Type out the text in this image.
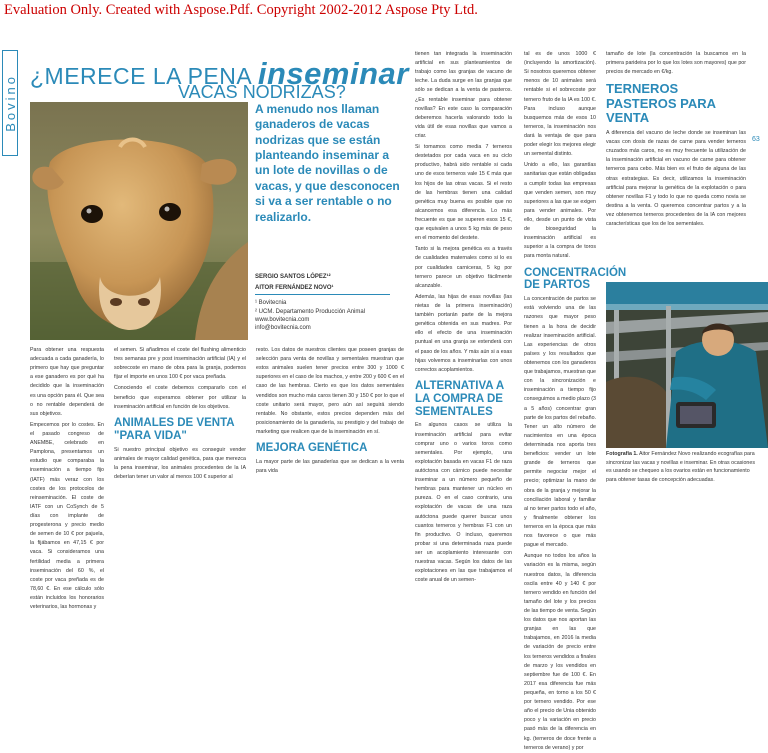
Evaluation Only. Created with Aspose.Pdf. Copyright 2002-2012 Aspose Pty Ltd.
Bovino ¿MERECE LA PENA inseminar
VACAS NODRIZAS?
A menudo nos llaman ganaderos de vacas nodrizas que se están planteando inseminar a un lote de novillas o de vacas, y que desconocen si va a ser rentable o no realizarlo.
SERGIO SANTOS LÓPEZ¹²
AITOR FERNÁNDEZ NOVO¹

¹ Bovitecnia

² UCM. Departamento Producción Animal

www.bovitecnia.com

info@bovitecnia.com

Para obtener una respuesta adecuada a cada ganadería, lo primero que hay que preguntar a ese ganadero es por qué ha decidido que la inseminación es una opción para él. Que sea o no rentable dependerá de sus objetivos.

Empecemos por lo costes. En el pasado congreso de ANEMBE, celebrado en Pamplona, presentamos un estudio que comparaba la inseminación a tiempo fijo (IATF) más veraz con los costes de los protocolos de reinseminación. El coste de IATF con un CoSynch de 5 días con implante de progesterona y precio medio de semen de 10 € por pajuela, la fijábamos en 47,15 € por vaca. Si consideramos una fertilidad media a primera inseminación del 60 %, el coste por vaca preñada es de 78,60 €. En ese cálculo sólo están incluidos los honorarios veterinarios, las hormonas y

el semen. Si añadimos el coste del flushing alimenticio tres semanas pre y post inseminación artificial (IA) y el sobrecoste en mano de obra para la granja, podemos fijar el importe en unos 100 € por vaca preñada.

Conociendo el coste debemos compararlo con el beneficio que esperamos obtener por utilizar la inseminación artificial en función de los objetivos.

ANIMALES DE VENTA "PARA VIDA"

Si nuestro principal objetivo es conseguir vender animales de mayor calidad genética, para que merezca la pena inseminar, los animales procedentes de la IA deberían tener un valor al menos 100 € superior al

resto. Los datos de nuestros clientes que poseen granjas de selección para venta de novillas y sementales muestran que estos animales suelen tener precios entre 300 y 1000 € superiores en el caso de los machos, y entre 200 y 600 € en el caso de las hembras. Cierto es que los datos sementales vendidos son mucho más caros tienen 30 y 150 € por lo que el coste unitario será mayor, pero aún así seguirá siendo rentable. No obstante, estos precios dependen más del posicionamiento de la ganadería, su prestigio y del trabajo de marketing que realicen que de la inseminación en sí.

MEJORA GENÉTICA

La mayor parte de las ganaderías que se dedican a la venta para vida

tienen tan integrada la inseminación artificial en sus planteamientos de trabajo como las granjas de vacuno de leche. La duda surge en las granjas que sólo se dedican a la venta de pasteros. ¿Es rentable inseminar para obtener novillas? En este caso la comparación deberemos hacerla valorando todo la vida útil de esas novillas que vamos a criar.

Si tomamos como media 7 terneros destetados por cada vaca en su ciclo productivo, habrá sido rentable si cada uno de esos terneros vale 15 € más que los hijos de las otras vacas. Si el resto de las hembras tienen una calidad genética muy buena es posible que no alcancemos esa diferencia. Lo más frecuente es que se superen esos 15 €, que equivalen a unos 5 kg más de peso en el momento del destete.

Tanto si la mejora genética es a través de cualidades maternales como si lo es por cualidades carniceras, 5 kg por ternero parece un objetivo fácilmente alcanzable.

Además, las hijas de esas novillas (las nietas de la primera inseminación) también portarán parte de la mejora genética obtenida en sus madres. Por ello el efecto de una inseminación puntual en una granja se extenderá con el paso de los años. Y más aún si a esas hijas volvemos a inseminarlas con unos correctos acoplamientos.

ALTERNATIVA A LA COMPRA DE SEMENTALES

En algunos casos se utiliza la inseminación artificial para evitar comprar uno o varios toros como sementales. Por ejemplo, una explotación basada en vacas F1 de raza autóctona con cárnico puede necesitar inseminar a un número pequeño de hembras para mantener un núcleo en pureza. O en el caso contrario, una explotación de vacas de una raza autóctona puede querer buscar unos cuantos terneros y hembras F1 con un fin productivo. O incluso, queremos probar si una determinada raza puede ser un acoplamiento interesante con nuestras vacas. Según los datos de las explotaciones en las que trabajamos el coste anual de un semen-

tal es de unos 1000 € (incluyendo la amortización). Si nosotros queremos obtener menos de 10 animales será rentable si el sobrecoste por ternero fruto de la IA es 100 €. Para incluso aunque busquemos más de esos 10 terneros, la inseminación nos dará la ventaja de que para poder elegir los mejores elegir un semental distinto.

Unido a ello, las garantías sanitarias que están obligadas a cumplir todas las empresas que venden semen, son muy superiores a las que se exigen para vender animales. Por ello, desde un punto de vista de bioseguridad la inseminación artificial es superior a la compra de toros para monta natural.

CONCENTRACIÓN DE PARTOS

La concentración de partos se está volviendo una de las razones que mayor peso tienen a la hora de decidir realizar inseminación artificial. Las experiencias de otros países y los resultados que obtenemos con los ganaderos que trabajamos, muestran que con la sincronización e inseminación a tiempo fijo conseguimos a medio plazo (3 a 5 años) concentrar gran parte de los partos del rebaño. Tener un alto número de nacimientos en una época determinada nos aporta tres beneficios: vender un lote grande de terneros que permite negociar mejor el precio; optimizar la mano de obra de la granja y mejorar la conciliación laboral y familiar al no tener partos todo el año, y finalmente obtener los terneros en la época que más nos favorece o que más pague el mercado.

Aunque no todos los años la variación es la misma, según nuestros datos, la diferencia oscila entre 40 y 140 € por ternero vendido en función del tamaño del lote y los precios de las tiempo de venta. Según los datos que nos aportan las granjas en las que trabajamos, en 2016 la media de variación de precio entre los terneros vendidos a finales de marzo y los vendidos en septiembre fue de 100 €. En 2017 esa diferencia fue más pequeña, en torno a los 50 € por ternero vendido. Por ese año el precio de Unia obtenido poco y la variación en precio pasó más de la diferencia en kg. (terneros de doce frente a terneros de verano) y por

tamaño de lote (la concentración la buscamos en la primera parideira por lo que los lotes son mayores) que por precios de mercado en €/kg.

TERNEROS PASTEROS PARA VENTA

A diferencia del vacuno de leche donde se inseminan las vacas con dosis de razas de carne para vender terneros cruzados más caros, no es muy frecuente la utilización de la inseminación artificial en vacuno de carne para obtener terneros para cebo. Más bien es el fruto de alguna de las otras estrategias. Es decir, utilizamos la inseminación artificial para mejorar la genética de la explotación o para obtener novillas F1 y todo lo que no queda como novia se destina a la venta. O queremos concentrar partos y a la vez obtenemos terneros procedentes de la IA con mejores características que los de los sementales.

63
Fotografía 1. Aitor Fernández Novo realizando ecografías para sincronizar las vacas y novillas e inseminar. En otras ocasiones es usando se chequeo a los ovarios están en funcionamiento para obtener tasas de concepción adecuadas.
